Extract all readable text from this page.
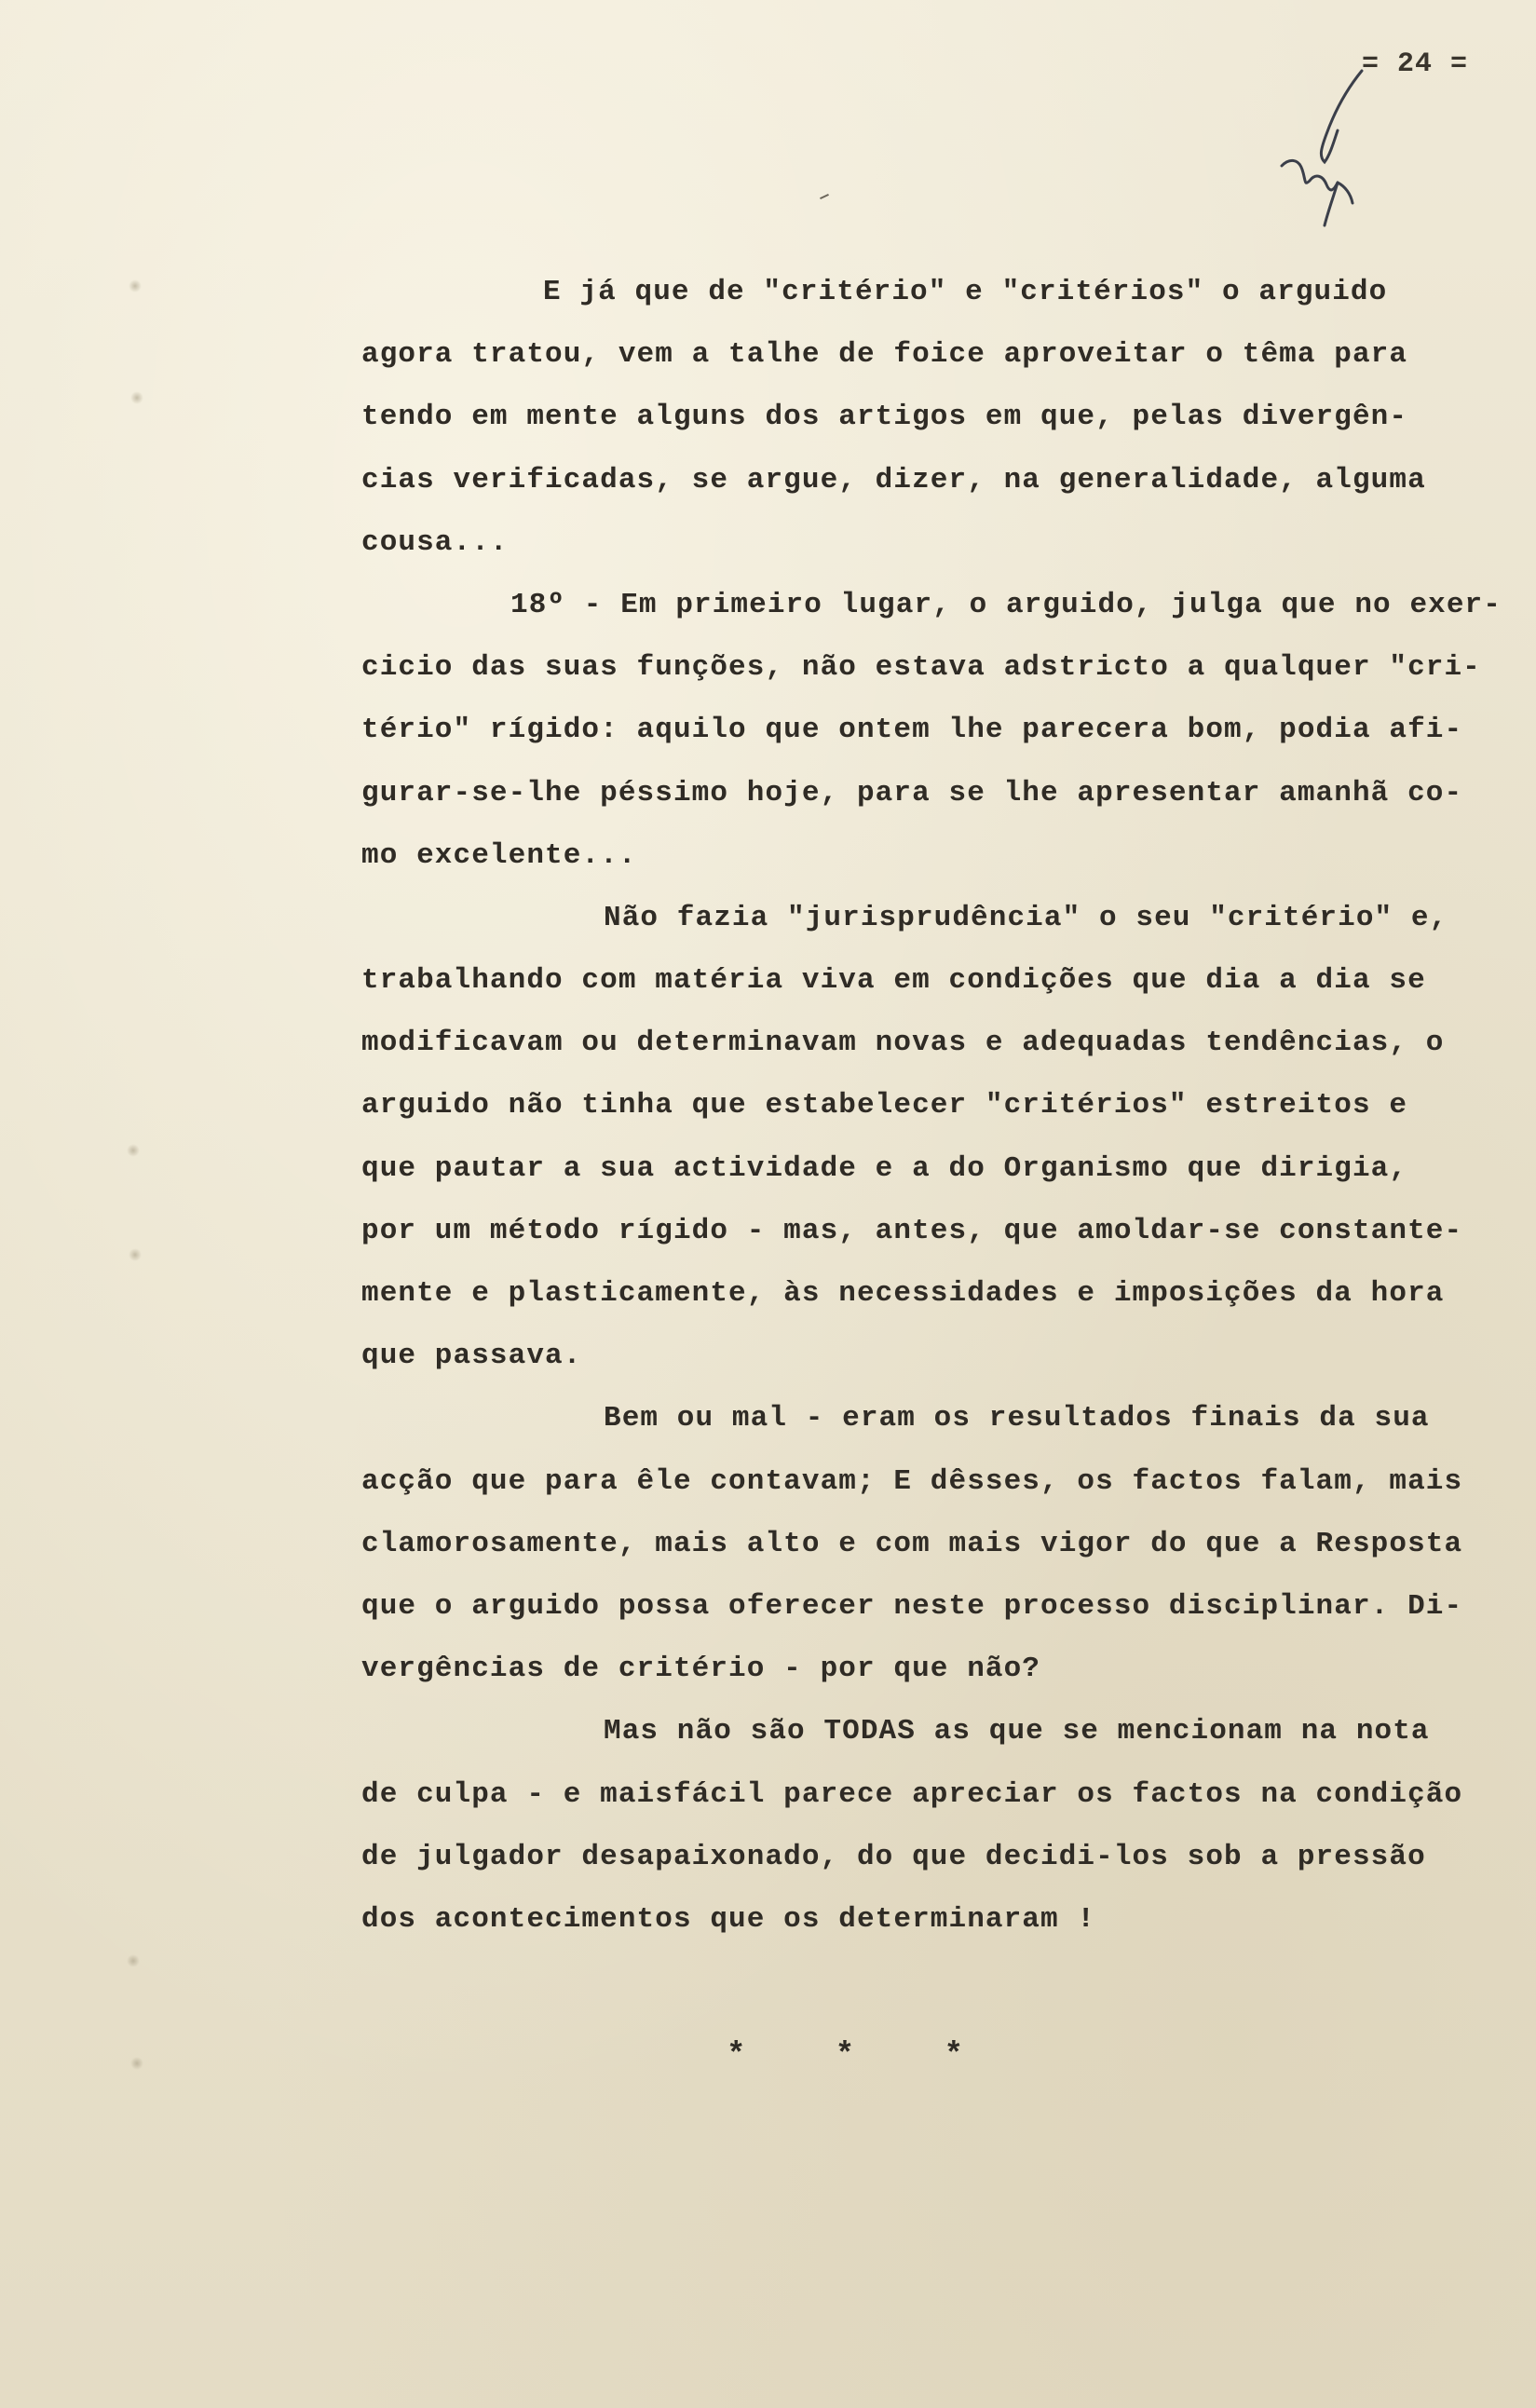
= 24 =
E já que de "critério" e "critérios" o arguido
agora tratou, vem a talhe de foice aproveitar o têma para
tendo em mente alguns dos artigos em que, pelas divergên-
cias verificadas, se argue, dizer, na generalidade, alguma
cousa...
18º - Em primeiro lugar, o arguido, julga que no exer-
cicio das suas funções, não estava adstricto a qualquer "cri-
tério" rígido: aquilo que ontem lhe parecera bom, podia afi-
gurar-se-lhe péssimo hoje, para se lhe apresentar amanhã co-
mo excelente...
Não fazia "jurisprudência" o seu "critério" e,
trabalhando com matéria viva em condições que dia a dia se
modificavam ou determinavam novas e adequadas tendências, o
arguido não tinha que estabelecer "critérios" estreitos e
que pautar a sua actividade e a do Organismo que dirigia,
por um método rígido - mas, antes, que amoldar-se constante-
mente e plasticamente, às necessidades e imposições da hora
que passava.
Bem ou mal - eram os resultados finais da sua
acção que para êle contavam; E dêsses, os factos falam, mais
clamorosamente, mais alto e com mais vigor do que a Resposta
que o arguido possa oferecer neste processo disciplinar. Di-
vergências de critério - por que não?
Mas não são TODAS as que se mencionam na nota
de culpa - e maisfácil parece apreciar os factos na condição
de julgador desapaixonado, do que decidi-los sob a pressão
dos acontecimentos que os determinaram !
* * *
